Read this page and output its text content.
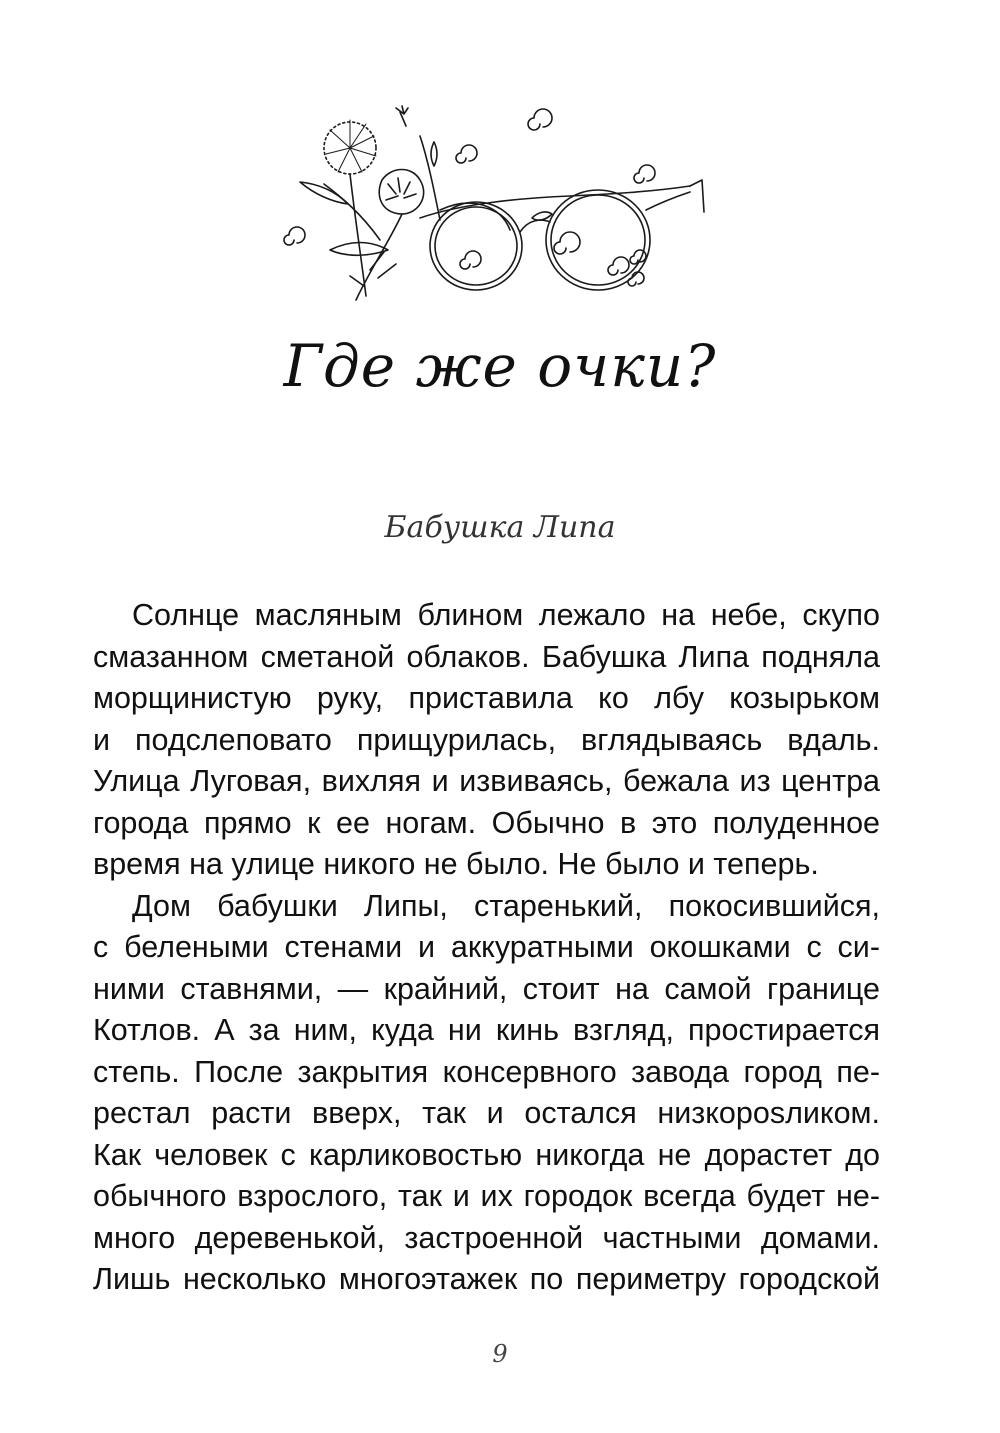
Где же очки?
Бабушка Липа
Солнце масляным блином лежало на небе, скупо
смазанном сметаной облаков. Бабушка Липа подняла
морщинистую руку, приставила ко лбу козырьком
и подслеповато прищурилась, вглядываясь вдаль.
Улица Луговая, вихляя и извиваясь, бежала из центра
города прямо к ее ногам. Обычно в это полуденное
время на улице никого не было. Не было и теперь.
Дом бабушки Липы, старенький, покосившийся,
с белеными стенами и аккуратными окошками с си-
ними ставнями, — крайний, стоит на самой границе
Котлов. А за ним, куда ни кинь взгляд, простирается
степь. После закрытия консервного завода город пе-
рестал расти вверх, так и остался низкорosликом.
Как человек с карликовостью никогда не дорастет до
обычного взрослого, так и их городок всегда будет не-
много деревенькой, застроенной частными домами.
Лишь несколько многоэтажек по периметру городской
9
